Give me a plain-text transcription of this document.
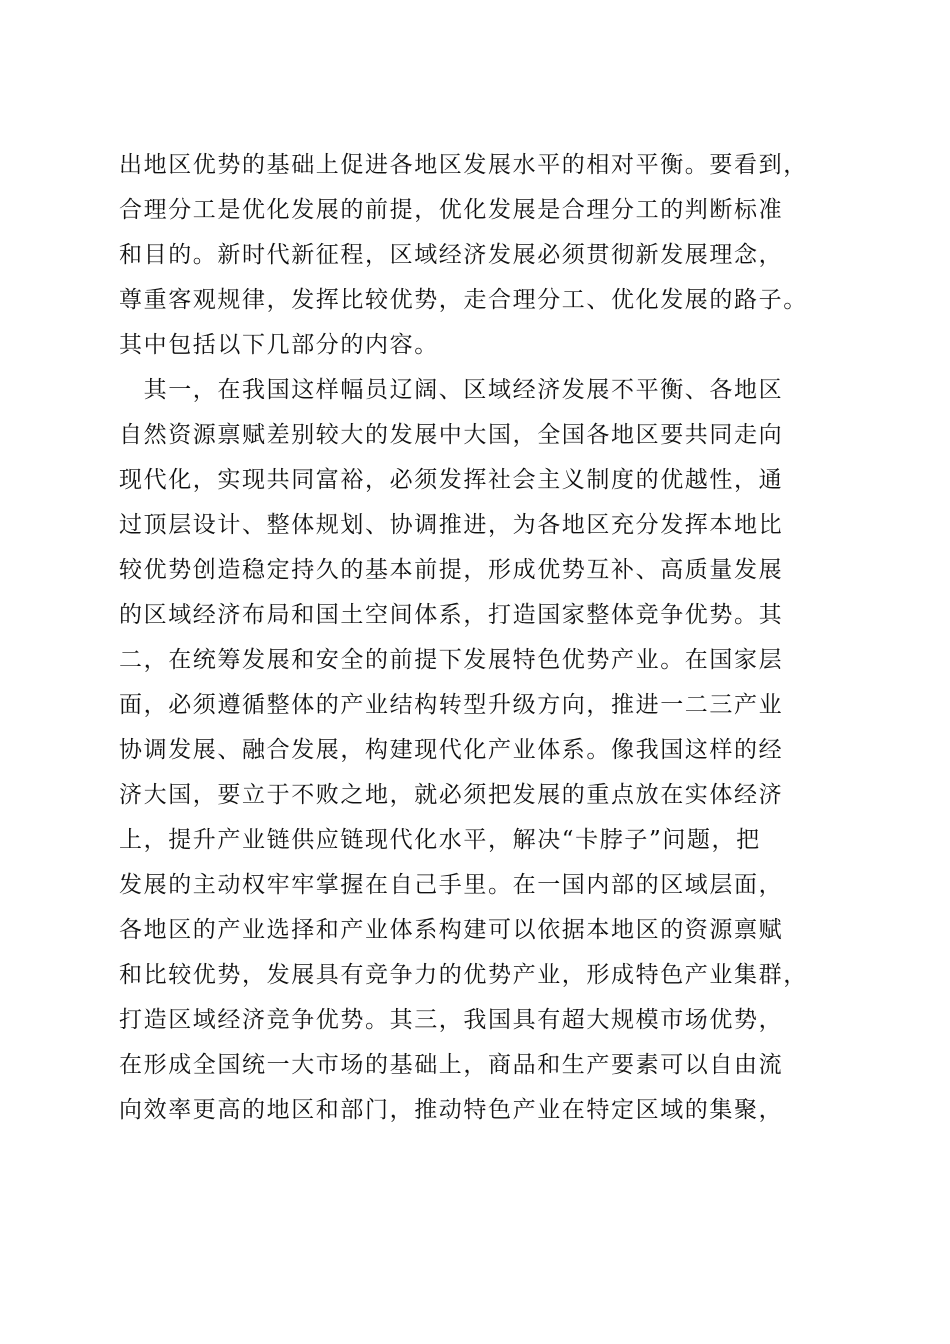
出地区优势的基础上促进各地区发展水平的相对平衡。要看到，
合理分工是优化发展的前提，优化发展是合理分工的判断标准
和目的。新时代新征程，区域经济发展必须贯彻新发展理念，
尊重客观规律，发挥比较优势，走合理分工、优化发展的路子。
其中包括以下几部分的内容。
　其一，在我国这样幅员辽阔、区域经济发展不平衡、各地区
自然资源禀赋差别较大的发展中大国，全国各地区要共同走向
现代化，实现共同富裕，必须发挥社会主义制度的优越性，通
过顶层设计、整体规划、协调推进，为各地区充分发挥本地比
较优势创造稳定持久的基本前提，形成优势互补、高质量发展
的区域经济布局和国土空间体系，打造国家整体竞争优势。其
二，在统筹发展和安全的前提下发展特色优势产业。在国家层
面，必须遵循整体的产业结构转型升级方向，推进一二三产业
协调发展、融合发展，构建现代化产业体系。像我国这样的经
济大国，要立于不败之地，就必须把发展的重点放在实体经济
上，提升产业链供应链现代化水平，解决“卡脖子”问题，把
发展的主动权牢牢掌握在自己手里。在一国内部的区域层面，
各地区的产业选择和产业体系构建可以依据本地区的资源禀赋
和比较优势，发展具有竞争力的优势产业，形成特色产业集群，
打造区域经济竞争优势。其三，我国具有超大规模市场优势，
在形成全国统一大市场的基础上，商品和生产要素可以自由流
向效率更高的地区和部门，推动特色产业在特定区域的集聚，
